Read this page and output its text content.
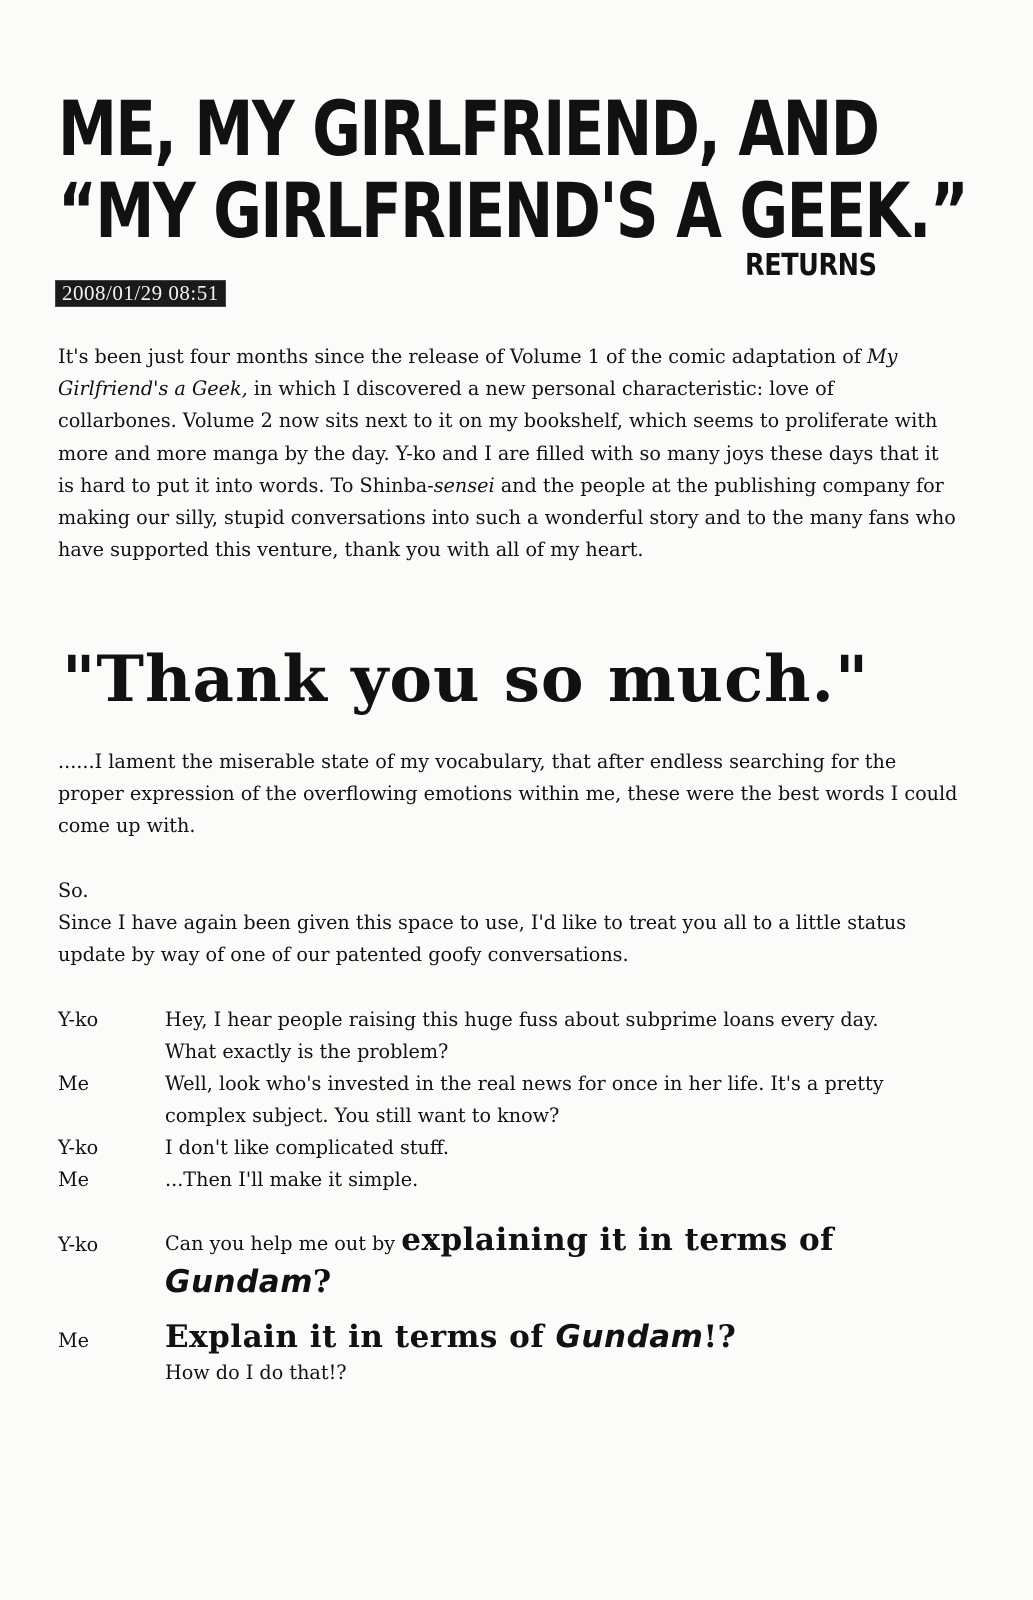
ME, MY GIRLFRIEND, AND
“MY GIRLFRIEND'S A GEEK.”
RETURNS
2008/01/29 08:51

It's been just four months since the release of Volume 1 of the comic adaptation of My Girlfriend's a Geek, in which I discovered a new personal characteristic: love of collarbones. Volume 2 now sits next to it on my bookshelf, which seems to proliferate with more and more manga by the day. Y-ko and I are filled with so many joys these days that it is hard to put it into words. To Shinba-sensei and the people at the publishing company for making our silly, stupid conversations into such a wonderful story and to the many fans who have supported this venture, thank you with all of my heart.

"Thank you so much."

......I lament the miserable state of my vocabulary, that after endless searching for the proper expression of the overflowing emotions within me, these were the best words I could come up with.

So.
Since I have again been given this space to use, I'd like to treat you all to a little status update by way of one of our patented goofy conversations.

Y-ko	Hey, I hear people raising this huge fuss about subprime loans every day. What exactly is the problem?
Me	Well, look who's invested in the real news for once in her life. It's a pretty complex subject. You still want to know?
Y-ko	I don't like complicated stuff.
Me	...Then I'll make it simple.
Y-ko	Can you help me out by explaining it in terms of
Gundam?
Me Explain it in terms of Gundam!?
How do I do that!?
